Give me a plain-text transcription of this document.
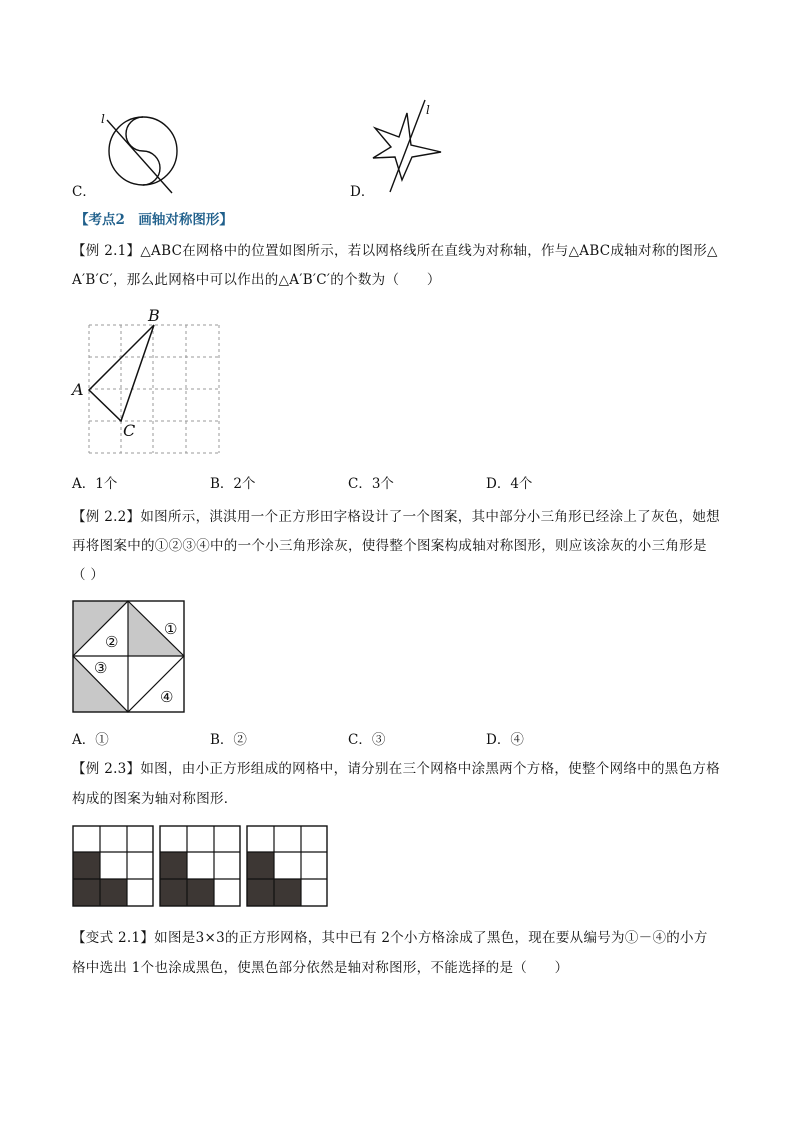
l
C．
l
D．
【考点2　画轴对称图形】
【例 2.1】△ABC在网格中的位置如图所示，若以网格线所在直线为对称轴，作与△ABC成轴对称的图形△
A′B′C′，那么此网格中可以作出的△A′B′C′的个数为（　　）
A
B
C
A．1个	B．2个	C．3个	D．4个
【例 2.2】如图所示，淇淇用一个正方形田字格设计了一个图案，其中部分小三角形已经涂上了灰色，她想
再将图案中的①②③④中的一个小三角形涂灰，使得整个图案构成轴对称图形，则应该涂灰的小三角形是
（ ）
①
②
③
④
A．①	B．②	C．③	D．④
【例 2.3】如图，由小正方形组成的网格中，请分别在三个网格中涂黑两个方格，使整个网络中的黑色方格
构成的图案为轴对称图形．
【变式 2.1】如图是3×3的正方形网格，其中已有 2个小方格涂成了黑色，现在要从编号为①－④的小方
格中选出 1个也涂成黑色，使黑色部分依然是轴对称图形，不能选择的是（　　）
